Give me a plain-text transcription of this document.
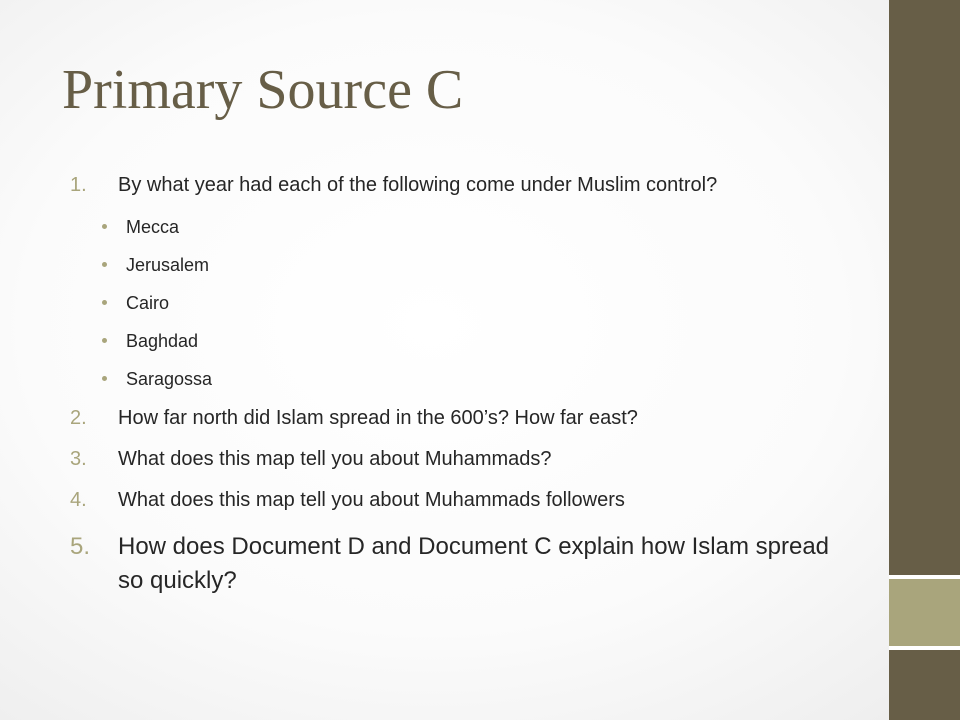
Primary Source C
1. By what year had each of the following come under Muslim control?
Mecca
Jerusalem
Cairo
Baghdad
Saragossa
2. How far north did Islam spread in the 600’s? How far east?
3. What does this map tell you about Muhammads?
4. What does this map tell you about Muhammads followers
5. How does Document D and Document C explain how Islam spread so quickly?
